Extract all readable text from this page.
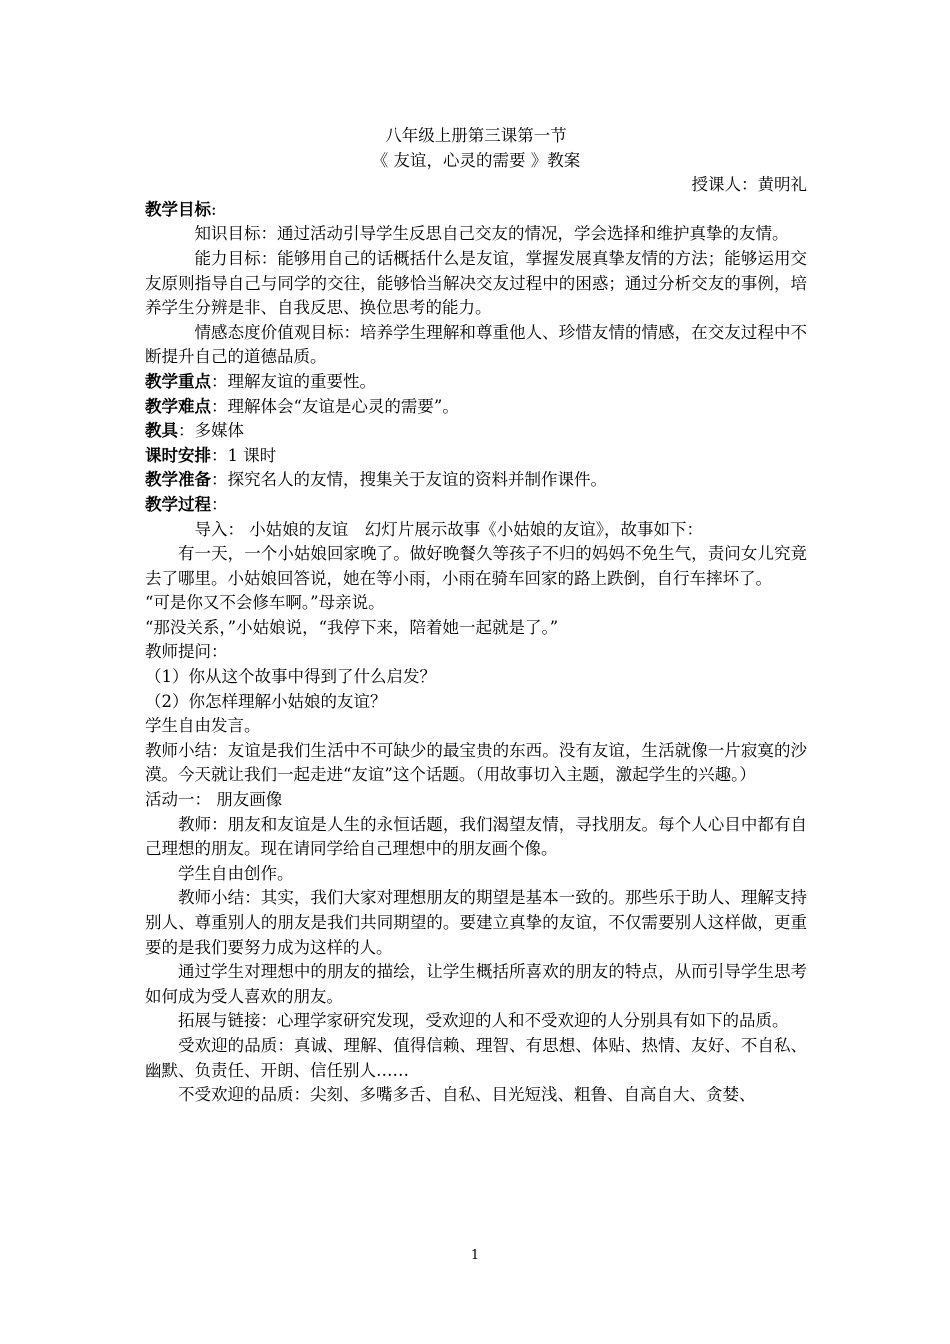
八年级上册第三课第一节
《 友谊，心灵的需要 》教案
授课人：黄明礼
教学目标:
知识目标：通过活动引导学生反思自己交友的情况，学会选择和维护真挚的友情。
能力目标：能够用自己的话概括什么是友谊，掌握发展真挚友情的方法；能够运用交友原则指导自己与同学的交往，能够恰当解决交友过程中的困惑；通过分析交友的事例，培养学生分辨是非、自我反思、换位思考的能力。
情感态度价值观目标：培养学生理解和尊重他人、珍惜友情的情感，在交友过程中不断提升自己的道德品质。
教学重点：理解友谊的重要性。
教学难点：理解体会“友谊是心灵的需要”。
教具：多媒体
课时安排：1 课时
教学准备：探究名人的友情，搜集关于友谊的资料并制作课件。
教学过程：
导入： 小姑娘的友谊　幻灯片展示故事《小姑娘的友谊》，故事如下：
有一天，一个小姑娘回家晚了。做好晚餐久等孩子不归的妈妈不免生气，责问女儿究竟去了哪里。小姑娘回答说，她在等小雨，小雨在骑车回家的路上跌倒，自行车摔坏了。
“可是你又不会修车啊。”母亲说。
“那没关系，”小姑娘说，“我停下来，陪着她一起就是了。”
教师提问：
（1）你从这个故事中得到了什么启发？
（2）你怎样理解小姑娘的友谊？
学生自由发言。
教师小结：友谊是我们生活中不可缺少的最宝贵的东西。没有友谊，生活就像一片寂寞的沙漠。今天就让我们一起走进“友谊”这个话题。（用故事切入主题，激起学生的兴趣。）
活动一： 朋友画像
教师：朋友和友谊是人生的永恒话题，我们渴望友情，寻找朋友。每个人心目中都有自己理想的朋友。现在请同学给自己理想中的朋友画个像。
学生自由创作。
教师小结：其实，我们大家对理想朋友的期望是基本一致的。那些乐于助人、理解支持别人、尊重别人的朋友是我们共同期望的。要建立真挚的友谊，不仅需要别人这样做，更重要的是我们要努力成为这样的人。
通过学生对理想中的朋友的描绘，让学生概括所喜欢的朋友的特点，从而引导学生思考如何成为受人喜欢的朋友。
拓展与链接：心理学家研究发现，受欢迎的人和不受欢迎的人分别具有如下的品质。
受欢迎的品质：真诚、理解、值得信赖、理智、有思想、体贴、热情、友好、不自私、幽默、负责任、开朗、信任别人……
不受欢迎的品质：尖刻、多嘴多舌、自私、目光短浅、粗鲁、自高自大、贪婪、
1
